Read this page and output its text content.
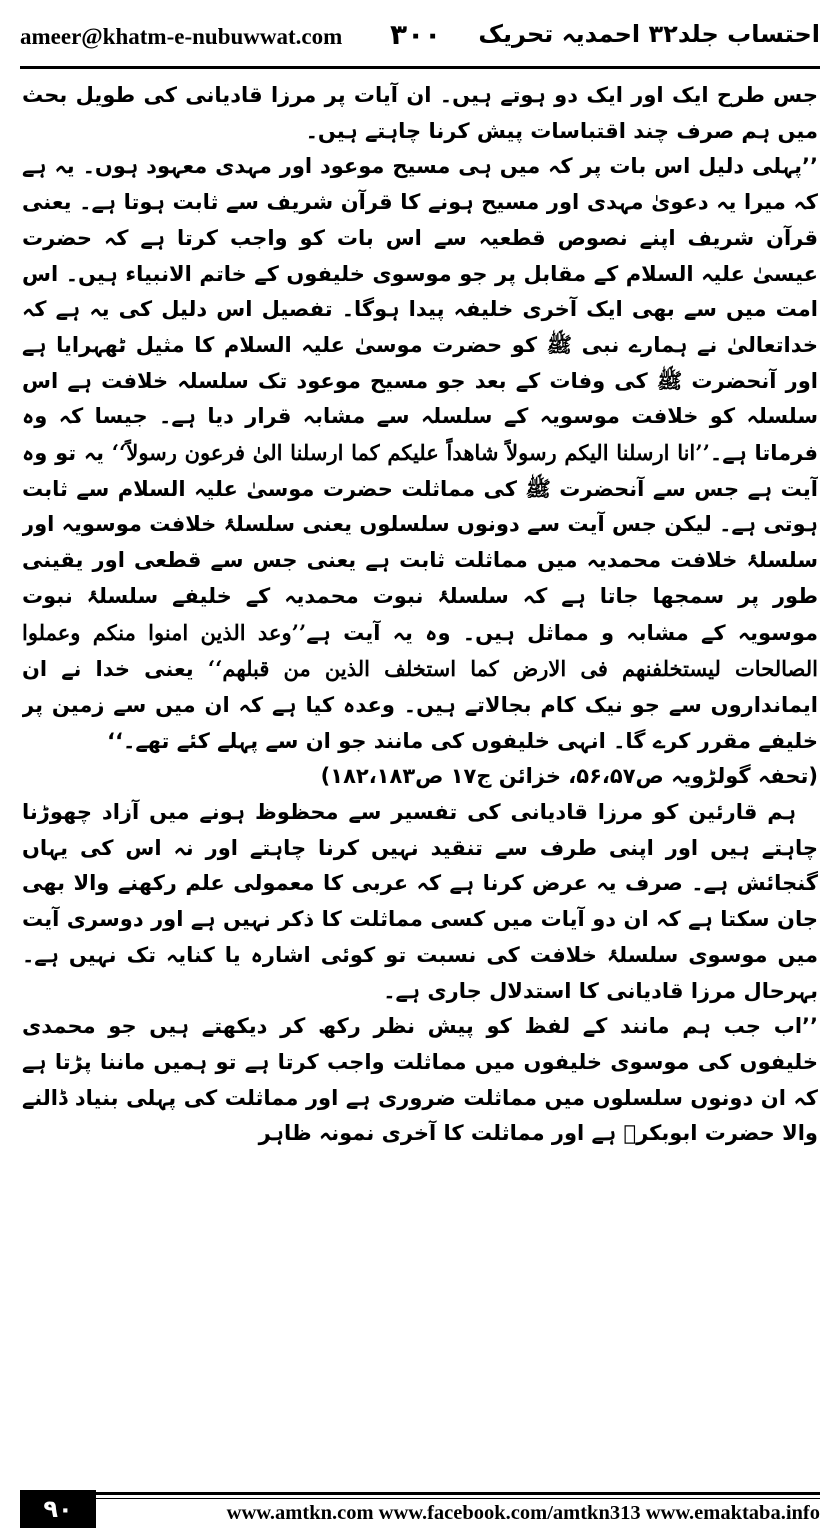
ameer@khatm-e-nubuwwat.com ۳۰۰ احتساب جلد۳۲ احمدیہ تحریک

جس طرح ایک اور ایک دو ہوتے ہیں۔ ان آیات پر مرزا قادیانی کی طویل بحث میں ہم صرف چند اقتباسات پیش کرنا چاہتے ہیں۔

’’پہلی دلیل اس بات پر کہ میں ہی مسیح موعود اور مہدی معہود ہوں۔ یہ ہے کہ میرا یہ دعویٰ مہدی اور مسیح ہونے کا قرآن شریف سے ثابت ہوتا ہے۔ یعنی قرآن شریف اپنے نصوص قطعیہ سے اس بات کو واجب کرتا ہے کہ حضرت عیسیٰ علیہ السلام کے مقابل پر جو موسوی خلیفوں کے خاتم الانبیاء ہیں۔ اس امت میں سے بھی ایک آخری خلیفہ پیدا ہوگا۔ تفصیل اس دلیل کی یہ ہے کہ خداتعالیٰ نے ہمارے نبی ﷺ کو حضرت موسیٰ علیہ السلام کا مثیل ٹھہرایا ہے اور آنحضرت ﷺ کی وفات کے بعد جو مسیح موعود تک سلسلہ خلافت ہے اس سلسلہ کو خلافت موسویہ کے سلسلہ سے مشابہ قرار دیا ہے۔ جیسا کہ وہ فرماتا ہے۔’’انا ارسلنا الیکم رسولاً شاھداً علیکم کما ارسلنا الیٰ فرعون رسولاً‘‘ یہ تو وہ آیت ہے جس سے آنحضرت ﷺ کی مماثلت حضرت موسیٰ علیہ السلام سے ثابت ہوتی ہے۔ لیکن جس آیت سے دونوں سلسلوں یعنی سلسلۂ خلافت موسویہ اور سلسلۂ خلافت محمدیہ میں مماثلت ثابت ہے یعنی جس سے قطعی اور یقینی طور پر سمجھا جاتا ہے کہ سلسلۂ نبوت محمدیہ کے خلیفے سلسلۂ نبوت موسویہ کے مشابہ و مماثل ہیں۔ وہ یہ آیت ہے’’وعد الذین امنوا منکم وعملوا الصالحات لیستخلفنھم فی الارض کما استخلف الذین من قبلھم‘‘ یعنی خدا نے ان ایمانداروں سے جو نیک کام بجالاتے ہیں۔ وعدہ کیا ہے کہ ان میں سے زمین پر خلیفے مقرر کرے گا۔ انہی خلیفوں کی مانند جو ان سے پہلے کئے تھے۔‘‘

(تحفہ گولڑویہ ص۵۶،۵۷، خزائن ج۱۷ ص۱۸۲،۱۸۳)

ہم قارئین کو مرزا قادیانی کی تفسیر سے محظوظ ہونے میں آزاد چھوڑنا چاہتے ہیں اور اپنی طرف سے تنقید نہیں کرنا چاہتے اور نہ اس کی یہاں گنجائش ہے۔ صرف یہ عرض کرنا ہے کہ عربی کا معمولی علم رکھنے والا بھی جان سکتا ہے کہ ان دو آیات میں کسی مماثلت کا ذکر نہیں ہے اور دوسری آیت میں موسوی سلسلۂ خلافت کی نسبت تو کوئی اشارہ یا کنایہ تک نہیں ہے۔ بہرحال مرزا قادیانی کا استدلال جاری ہے۔

’’اب جب ہم مانند کے لفظ کو پیش نظر رکھ کر دیکھتے ہیں جو محمدی خلیفوں کی موسوی خلیفوں میں مماثلت واجب کرتا ہے تو ہمیں ماننا پڑتا ہے کہ ان دونوں سلسلوں میں مماثلت ضروری ہے اور مماثلت کی پہلی بنیاد ڈالنے والا حضرت ابوبکرؓ ہے اور مماثلت کا آخری نمونہ ظاہر

۹۰	www.amtkn.com www.facebook.com/amtkn313 www.emaktaba.info
